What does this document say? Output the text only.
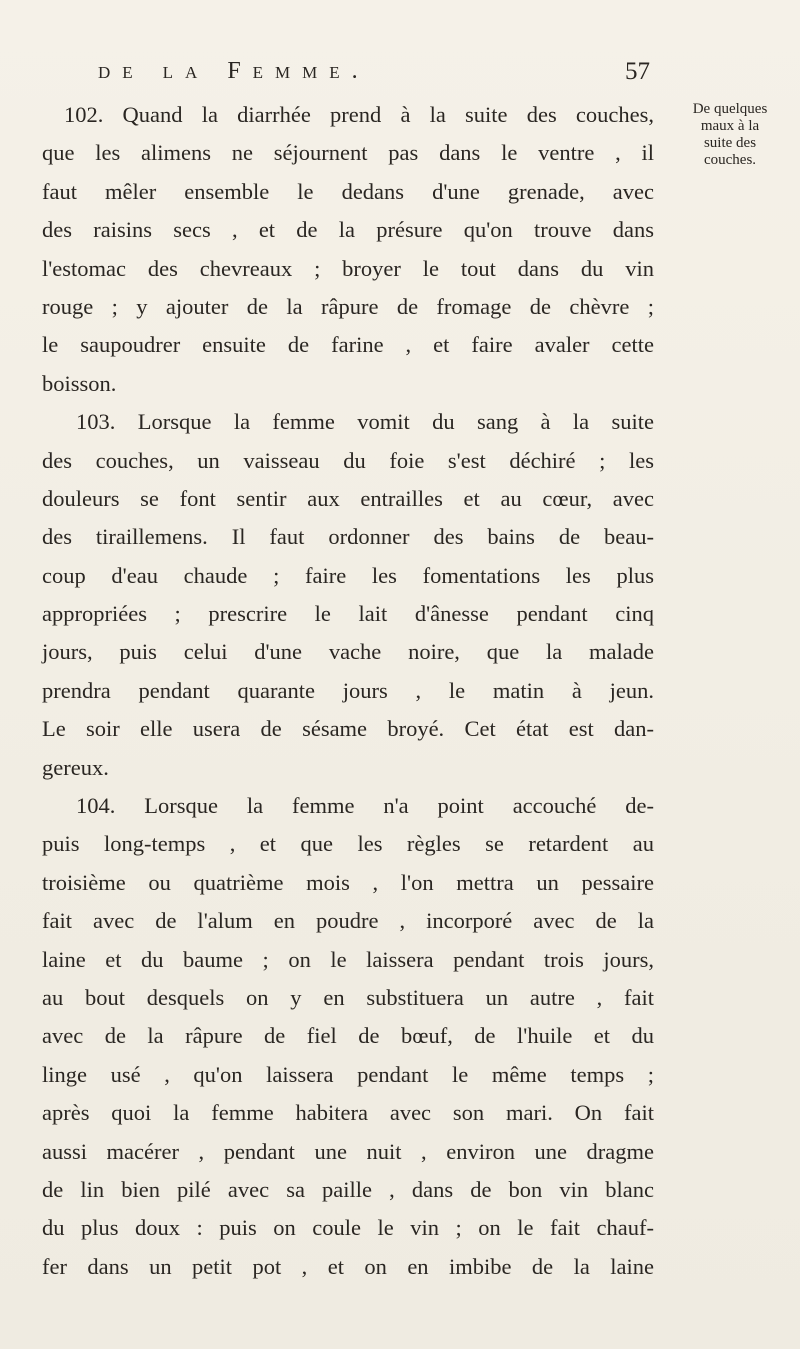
de la Femme.	57
De quelques
maux à la
suite des
couches.
102. Quand la diarrhée prend à la suite des couches,
que les alimens ne séjournent pas dans le ventre , il
faut mêler ensemble le dedans d'une grenade, avec
des raisins secs , et de la présure qu'on trouve dans
l'estomac des chevreaux ; broyer le tout dans du vin
rouge ; y ajouter de la râpure de fromage de chèvre ;
le saupoudrer ensuite de farine , et faire avaler cette
boisson.
103. Lorsque la femme vomit du sang à la suite
des couches, un vaisseau du foie s'est déchiré ; les
douleurs se font sentir aux entrailles et au cœur, avec
des tiraillemens. Il faut ordonner des bains de beau-
coup d'eau chaude ; faire les fomentations les plus
appropriées ; prescrire le lait d'ânesse pendant cinq
jours, puis celui d'une vache noire, que la malade
prendra pendant quarante jours , le matin à jeun.
Le soir elle usera de sésame broyé. Cet état est dan-
gereux.
104. Lorsque la femme n'a point accouché de-
puis long-temps , et que les règles se retardent au
troisième ou quatrième mois , l'on mettra un pessaire
fait avec de l'alum en poudre , incorporé avec de la
laine et du baume ; on le laissera pendant trois jours,
au bout desquels on y en substituera un autre , fait
avec de la râpure de fiel de bœuf, de l'huile et du
linge usé , qu'on laissera pendant le même temps ;
après quoi la femme habitera avec son mari. On fait
aussi macérer , pendant une nuit , environ une dragme
de lin bien pilé avec sa paille , dans de bon vin blanc
du plus doux : puis on coule le vin ; on le fait chauf-
fer dans un petit pot , et on en imbibe de la laine
